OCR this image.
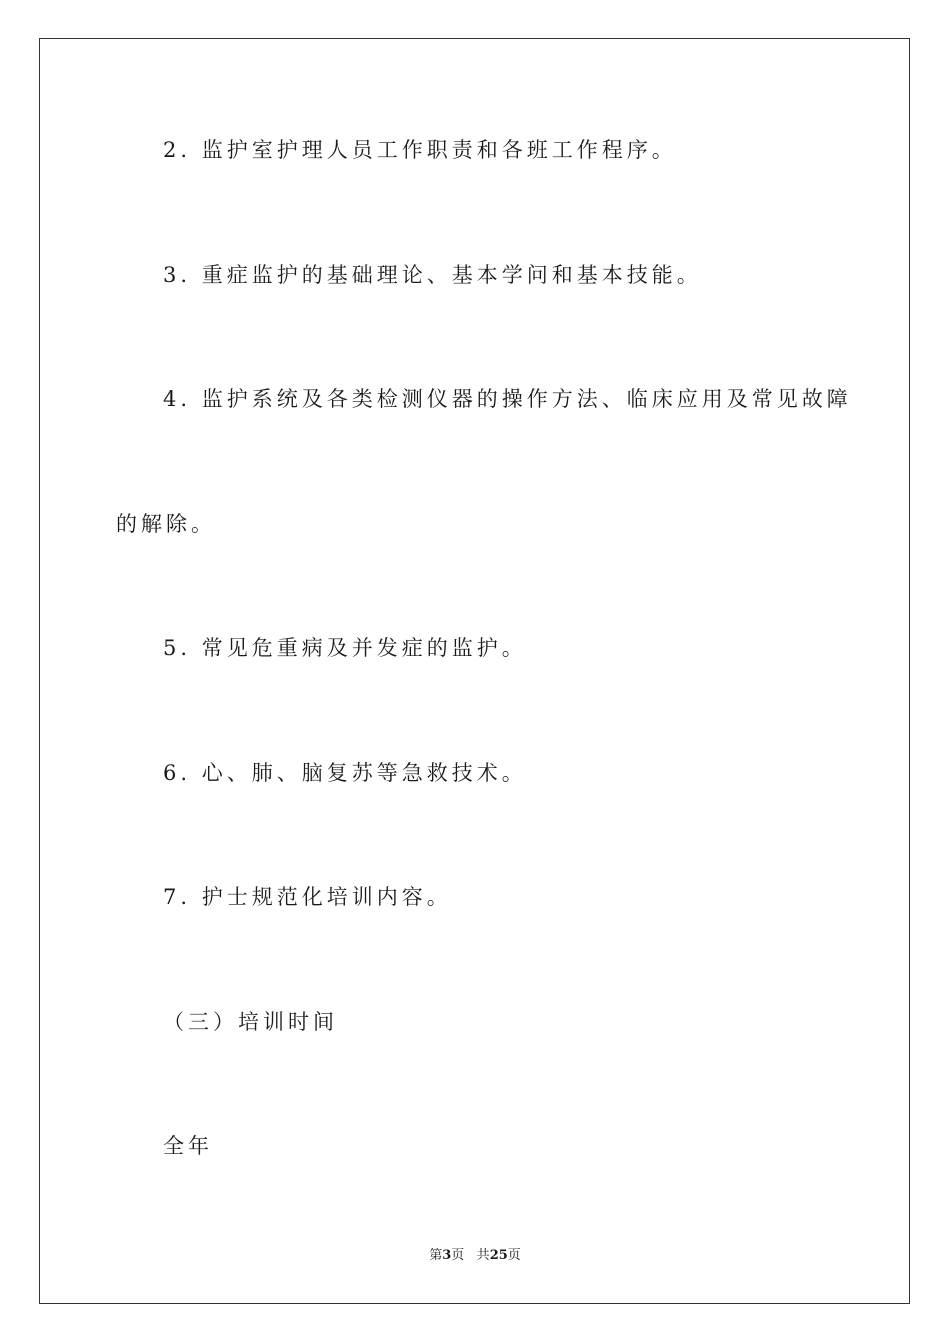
2. 监护室护理人员工作职责和各班工作程序。
3. 重症监护的基础理论、基本学问和基本技能。
4. 监护系统及各类检测仪器的操作方法、临床应用及常见故障
的解除。
5. 常见危重病及并发症的监护。
6. 心、肺、脑复苏等急救技术。
7. 护士规范化培训内容。
（三）培训时间
全年
第3页 共25页
